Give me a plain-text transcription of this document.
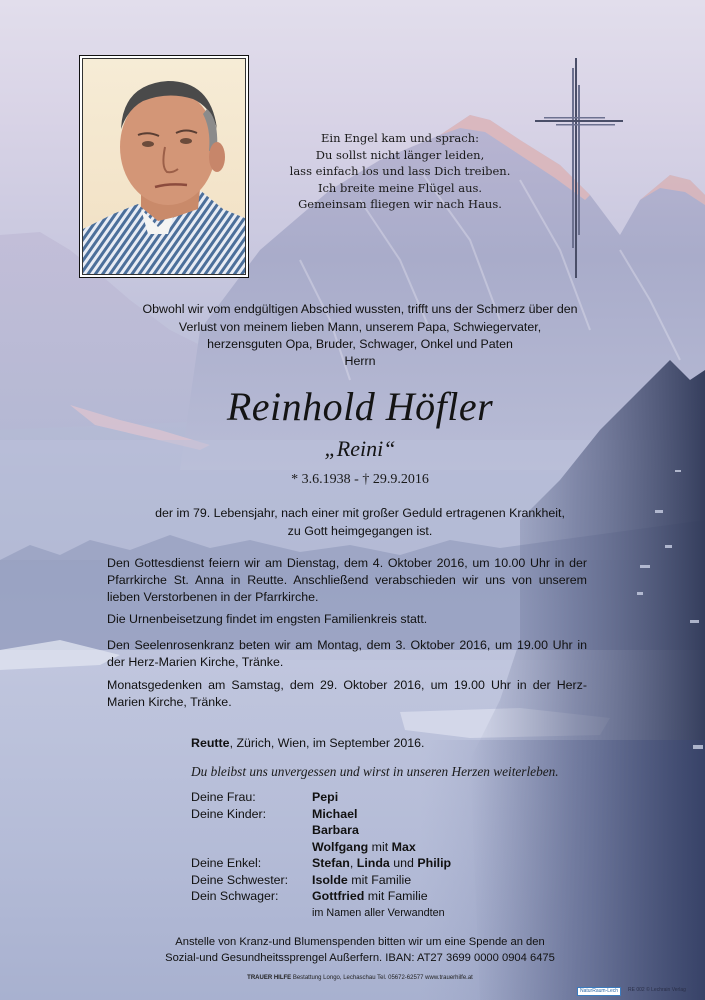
Ein Engel kam und sprach:
Du sollst nicht länger leiden,
lass einfach los und lass Dich treiben.
Ich breite meine Flügel aus.
Gemeinsam fliegen wir nach Haus.
Obwohl wir vom endgültigen Abschied wussten, trifft uns der Schmerz über den
Verlust von meinem lieben Mann, unserem Papa, Schwiegervater,
herzensguten Opa, Bruder, Schwager, Onkel und Paten
Herrn
Reinhold Höfler
„Reini“
* 3.6.1938 - † 29.9.2016
der im 79. Lebensjahr, nach einer mit großer Geduld ertragenen Krankheit,
zu Gott heimgegangen ist.
Den Gottesdienst feiern wir am Dienstag, dem 4. Oktober 2016, um 10.00 Uhr in der Pfarrkirche St. Anna in Reutte. Anschließend verabschieden wir uns von unserem lieben Verstorbenen in der Pfarrkirche.
Die Urnenbeisetzung findet im engsten Familienkreis statt.
Den Seelenrosenkranz beten wir am Montag, dem 3. Oktober 2016, um 19.00 Uhr in der Herz-Marien Kirche, Tränke.
Monatsgedenken am Samstag, dem 29. Oktober 2016, um 19.00 Uhr in der Herz-Marien Kirche, Tränke.
Reutte, Zürich, Wien, im September 2016.
Du bleibst uns unvergessen und wirst in unseren Herzen weiterleben.
Deine Frau:	Pepi
Deine Kinder:	Michael
Barbara
Wolfgang mit Max
Deine Enkel:	Stefan, Linda und Philip
Deine Schwester:	Isolde mit Familie
Dein Schwager:	Gottfried mit Familie
im Namen aller Verwandten
Anstelle von Kranz-und Blumenspenden bitten wir um eine Spende an den
Sozial-und Gesundheitssprengel Außerfern. IBAN: AT27 3699 0000 0904 6475
TRAUER HILFE Bestattung Longo, Lechaschau Tel. 05672-62577 www.trauerhilfe.at
NaturRaum-Lech	RE 002 © Lechrain Verlag
